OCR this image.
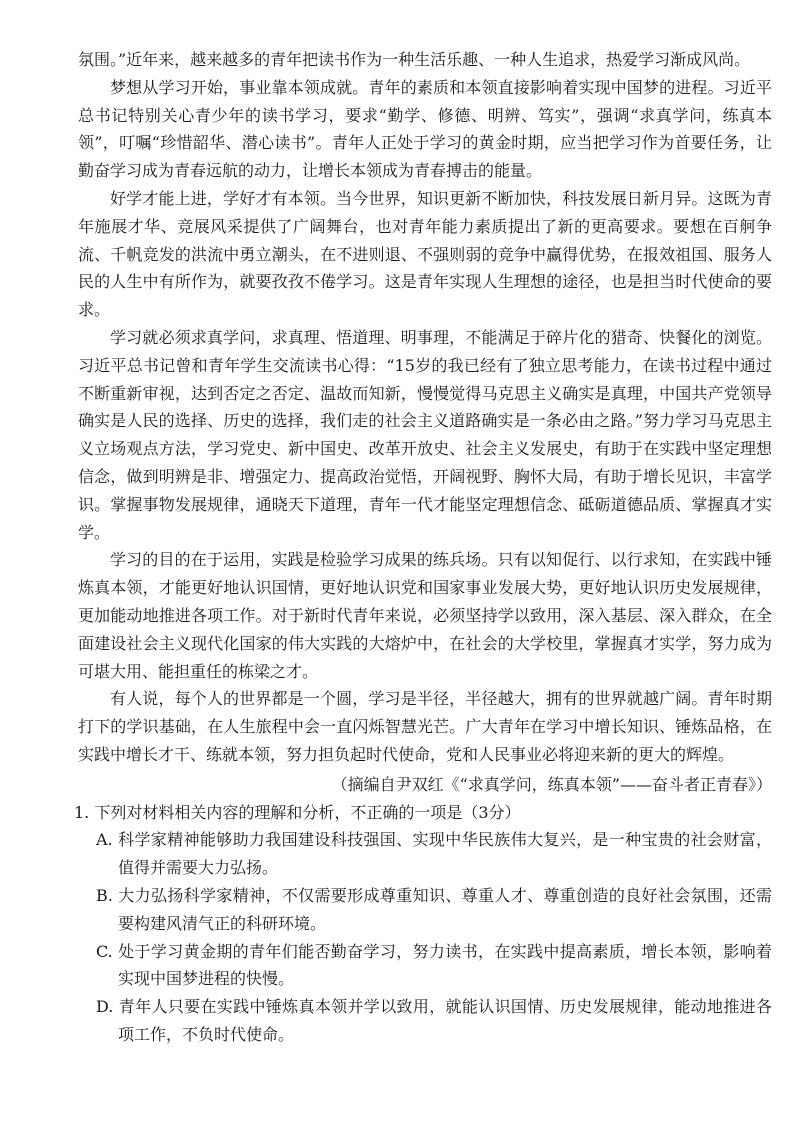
氛围。”近年来，越来越多的青年把读书作为一种生活乐趣、一种人生追求，热爱学习渐成风尚。

梦想从学习开始，事业靠本领成就。青年的素质和本领直接影响着实现中国梦的进程。习近平总书记特别关心青少年的读书学习，要求“勤学、修德、明辨、笃实”，强调“求真学问，练真本领”，叮嘱“珍惜韶华、潜心读书”。青年人正处于学习的黄金时期，应当把学习作为首要任务，让勤奋学习成为青春远航的动力，让增长本领成为青春搏击的能量。

好学才能上进，学好才有本领。当今世界，知识更新不断加快，科技发展日新月异。这既为青年施展才华、竞展风采提供了广阔舞台，也对青年能力素质提出了新的更高要求。要想在百舸争流、千帆竞发的洪流中勇立潮头，在不进则退、不强则弱的竞争中赢得优势，在报效祖国、服务人民的人生中有所作为，就要孜孜不倦学习。这是青年实现人生理想的途径，也是担当时代使命的要求。

学习就必须求真学问，求真理、悟道理、明事理，不能满足于碎片化的猎奇、快餐化的浏览。习近平总书记曾和青年学生交流读书心得：“15岁的我已经有了独立思考能力，在读书过程中通过不断重新审视，达到否定之否定、温故而知新，慢慢觉得马克思主义确实是真理，中国共产党领导确实是人民的选择、历史的选择，我们走的社会主义道路确实是一条必由之路。”努力学习马克思主义立场观点方法，学习党史、新中国史、改革开放史、社会主义发展史，有助于在实践中坚定理想信念，做到明辨是非、增强定力、提高政治觉悟，开阔视野、胸怀大局，有助于增长见识，丰富学识。掌握事物发展规律，通晓天下道理，青年一代才能坚定理想信念、砥砺道德品质、掌握真才实学。

学习的目的在于运用，实践是检验学习成果的练兵场。只有以知促行、以行求知，在实践中锤炼真本领，才能更好地认识国情，更好地认识党和国家事业发展大势，更好地认识历史发展规律，更加能动地推进各项工作。对于新时代青年来说，必须坚持学以致用，深入基层、深入群众，在全面建设社会主义现代化国家的伟大实践的大熔炉中，在社会的大学校里，掌握真才实学，努力成为可堪大用、能担重任的栋梁之才。

有人说，每个人的世界都是一个圆，学习是半径，半径越大，拥有的世界就越广阔。青年时期打下的学识基础，在人生旅程中会一直闪烁智慧光芒。广大青年在学习中增长知识、锤炼品格，在实践中增长才干、练就本领，努力担负起时代使命，党和人民事业必将迎来新的更大的辉煌。

（摘编自尹双红《“求真学问，练真本领”——奋斗者正青春》）

1. 下列对材料相关内容的理解和分析，不正确的一项是（3分）

A. 科学家精神能够助力我国建设科技强国、实现中华民族伟大复兴，是一种宝贵的社会财富，值得并需要大力弘扬。

B. 大力弘扬科学家精神，不仅需要形成尊重知识、尊重人才、尊重创造的良好社会氛围，还需要构建风清气正的科研环境。

C. 处于学习黄金期的青年们能否勤奋学习，努力读书，在实践中提高素质，增长本领，影响着实现中国梦进程的快慢。

D. 青年人只要在实践中锤炼真本领并学以致用，就能认识国情、历史发展规律，能动地推进各项工作，不负时代使命。
